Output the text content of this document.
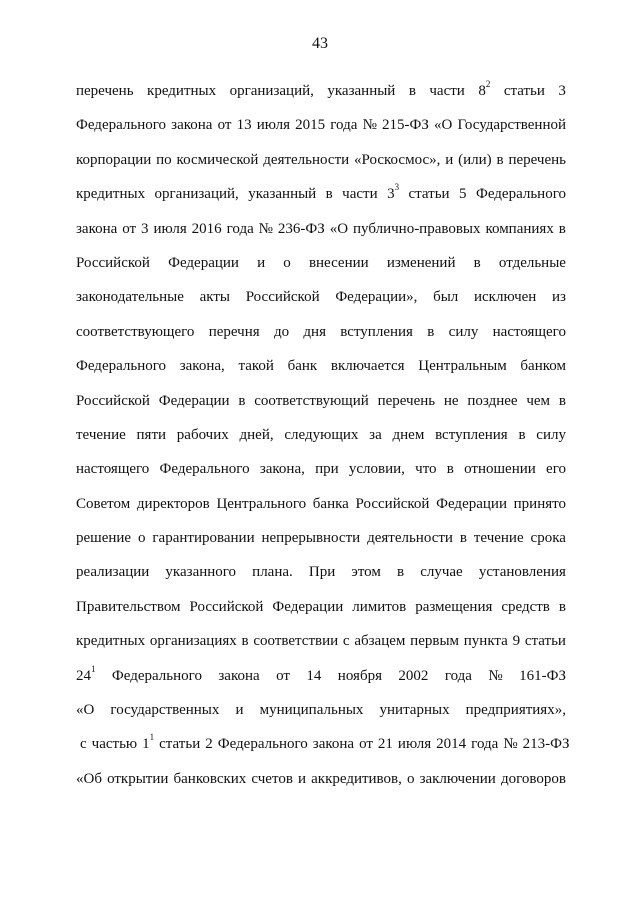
43
перечень кредитных организаций, указанный в части $8^2$ статьи 3
Федерального закона от 13 июля 2015 года № 215-ФЗ «О Государственной
корпорации по космической деятельности «Роскосмос», и (или) в перечень
кредитных организаций, указанный в части $3^3$ статьи 5 Федерального
закона от 3 июля 2016 года № 236-ФЗ «О публично-правовых компаниях в
Российской Федерации и о внесении изменений в отдельные
законодательные акты Российской Федерации», был исключен из
соответствующего перечня до дня вступления в силу настоящего
Федерального закона, такой банк включается Центральным банком
Российской Федерации в соответствующий перечень не позднее чем в
течение пяти рабочих дней, следующих за днем вступления в силу
настоящего Федерального закона, при условии, что в отношении его
Советом директоров Центрального банка Российской Федерации принято
решение о гарантировании непрерывности деятельности в течение срока
реализации указанного плана. При этом в случае установления
Правительством Российской Федерации лимитов размещения средств в
кредитных организациях в соответствии с абзацем первым пункта 9 статьи
$24^1$ Федерального закона от 14 ноября 2002 года № 161-ФЗ
«О государственных и муниципальных унитарных предприятиях»,
с частью $1^1$ статьи 2 Федерального закона от 21 июля 2014 года № 213-ФЗ
«Об открытии банковских счетов и аккредитивов, о заключении договоров
